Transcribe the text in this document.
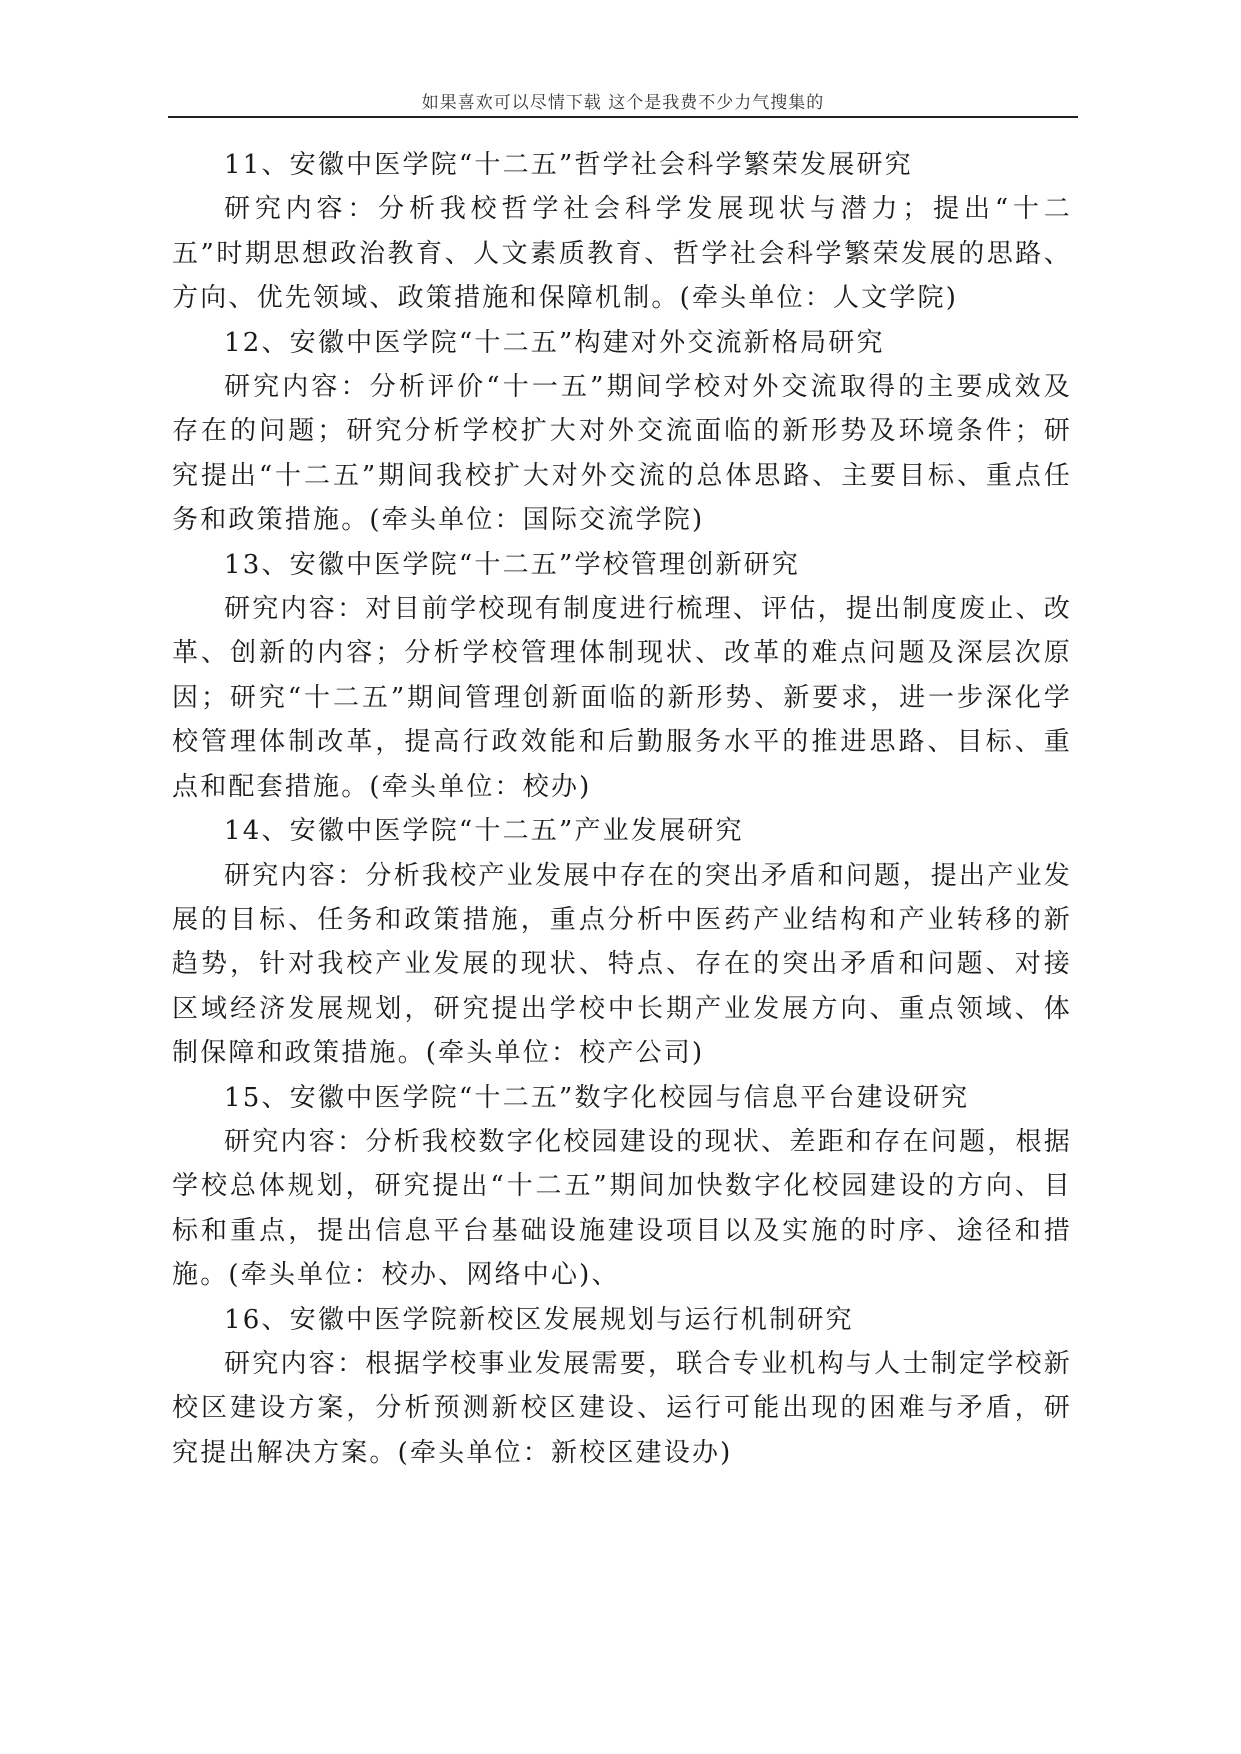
如果喜欢可以尽情下载 这个是我费不少力气搜集的

11、安徽中医学院“十二五”哲学社会科学繁荣发展研究

研究内容：分析我校哲学社会科学发展现状与潜力；提出“十二五”时期思想政治教育、人文素质教育、哲学社会科学繁荣发展的思路、方向、优先领域、政策措施和保障机制。(牵头单位：人文学院)

12、安徽中医学院“十二五”构建对外交流新格局研究

研究内容：分析评价“十一五”期间学校对外交流取得的主要成效及存在的问题；研究分析学校扩大对外交流面临的新形势及环境条件；研究提出“十二五”期间我校扩大对外交流的总体思路、主要目标、重点任务和政策措施。(牵头单位：国际交流学院)

13、安徽中医学院“十二五”学校管理创新研究

研究内容：对目前学校现有制度进行梳理、评估，提出制度废止、改革、创新的内容；分析学校管理体制现状、改革的难点问题及深层次原因；研究“十二五”期间管理创新面临的新形势、新要求，进一步深化学校管理体制改革，提高行政效能和后勤服务水平的推进思路、目标、重点和配套措施。(牵头单位：校办)

14、安徽中医学院“十二五”产业发展研究

研究内容：分析我校产业发展中存在的突出矛盾和问题，提出产业发展的目标、任务和政策措施，重点分析中医药产业结构和产业转移的新趋势，针对我校产业发展的现状、特点、存在的突出矛盾和问题、对接区域经济发展规划，研究提出学校中长期产业发展方向、重点领域、体制保障和政策措施。(牵头单位：校产公司)

15、安徽中医学院“十二五”数字化校园与信息平台建设研究

研究内容：分析我校数字化校园建设的现状、差距和存在问题，根据学校总体规划，研究提出“十二五”期间加快数字化校园建设的方向、目标和重点，提出信息平台基础设施建设项目以及实施的时序、途径和措施。(牵头单位：校办、网络中心)、

16、安徽中医学院新校区发展规划与运行机制研究

研究内容：根据学校事业发展需要，联合专业机构与人士制定学校新校区建设方案，分析预测新校区建设、运行可能出现的困难与矛盾，研究提出解决方案。(牵头单位：新校区建设办)
